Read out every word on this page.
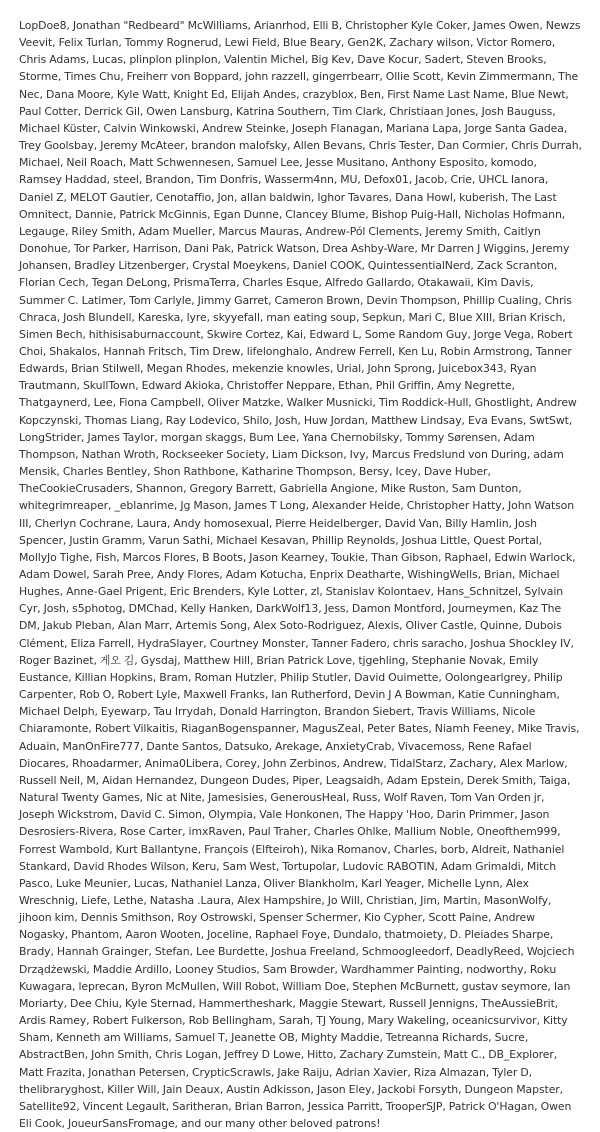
LopDoe8, Jonathan "Redbeard" McWilliams, Arianrhod, Elli B, Christopher Kyle Coker, James Owen, Newzs Veevit, Felix Turlan, Tommy Rognerud, Lewi Field, Blue Beary, Gen2K, Zachary wilson, Victor Romero, Chris Adams, Lucas, plinplon plinplon, Valentin Michel, Big Kev, Dave Kocur, Sadert, Steven Brooks, Storme, Times Chu, Freiherr von Boppard, john razzell, gingerrbearr, Ollie Scott, Kevin Zimmermann, The Nec, Dana Moore, Kyle Watt, Knight Ed, Elijah Andes, crazyblox, Ben, First Name Last Name, Blue Newt, Paul Cotter, Derrick Gil, Owen Lansburg, Katrina Southern, Tim Clark, Christiaan Jones, Josh Bauguss, Michael Küster, Calvin Winkowski, Andrew Steinke, Joseph Flanagan, Mariana Lapa, Jorge Santa Gadea, Trey Goolsbay, Jeremy McAteer, brandon malofsky, Allen Bevans, Chris Tester, Dan Cormier, Chris Durrah, Michael, Neil Roach, Matt Schwennesen, Samuel Lee, Jesse Musitano, Anthony Esposito, komodo, Ramsey Haddad, steel, Brandon, Tim Donfris, Wasserm4nn, MU, Defox01, Jacob, Crie, UHCL Ianora, Daniel Z, MELOT Gautier, Cenotaffio, Jon, allan baldwin, Ighor Tavares, Dana Howl, kuberish, The Last Omnitect, Dannie, Patrick McGinnis, Egan Dunne, Clancey Blume, Bishop Puig-Hall, Nicholas Hofmann, Legauge, Riley Smith, Adam Mueller, Marcus Mauras, Andrew-Pól Clements, Jeremy Smith, Caitlyn Donohue, Tor Parker, Harrison, Dani Pak, Patrick Watson, Drea Ashby-Ware, Mr Darren J Wiggins, Jeremy Johansen, Bradley Litzenberger, Crystal Moeykens, Daniel COOK, QuintessentialNerd, Zack Scranton, Florian Cech, Tegan DeLong, PrismaTerra, Charles Esque, Alfredo Gallardo, Otakawaii, Kim Davis, Summer C. Latimer, Tom Carlyle, Jimmy Garret, Cameron Brown, Devin Thompson, Phillip Cualing, Chris Chraca, Josh Blundell, Kareska, lyre, skyyefall, man eating soup, Sepkun, Mari C, Blue XIII, Brian Krisch, Simen Bech, hithisisaburnaccount, Skwire Cortez, Kai, Edward L, Some Random Guy, Jorge Vega, Robert Choi, Shakalos, Hannah Fritsch, Tim Drew, lifelonghalo, Andrew Ferrell, Ken Lu, Robin Armstrong, Tanner Edwards, Brian Stilwell, Megan Rhodes, mekenzie knowles, Urial, John Sprong, Juicebox343, Ryan Trautmann, SkullTown, Edward Akioka, Christoffer Neppare, Ethan, Phil Griffin, Amy Negrette, Thatgaynerd, Lee, Fiona Campbell, Oliver Matzke, Walker Musnicki, Tim Roddick-Hull, Ghostlight, Andrew Kopczynski, Thomas Liang, Ray Lodevico, Shilo, Josh, Huw Jordan, Matthew Lindsay, Eva Evans, SwtSwt, LongStrider, James Taylor, morgan skaggs, Bum Lee, Yana Chernobilsky, Tommy Sørensen, Adam Thompson, Nathan Wroth, Rockseeker Society, Liam Dickson, Ivy, Marcus Fredslund von During, adam Mensik, Charles Bentley, Shon Rathbone, Katharine Thompson, Bersy, Icey, Dave Huber, TheCookieCrusaders, Shannon, Gregory Barrett, Gabriella Angione, Mike Ruston, Sam Dunton, whitegrimreaper, _eblanrime, Jg Mason, James T Long, Alexander Heide, Christopher Hatty, John Watson III, Cherlyn Cochrane, Laura, Andy homosexual, Pierre Heidelberger, David Van, Billy Hamlin, Josh Spencer, Justin Gramm, Varun Sathi, Michael Kesavan, Phillip Reynolds, Joshua Little, Quest Portal, MollyJo Tighe, Fish, Marcos Flores, B Boots, Jason Kearney, Toukie, Than Gibson, Raphael, Edwin Warlock, Adam Dowel, Sarah Pree, Andy Flores, Adam Kotucha, Enprix Deatharte, WishingWells, Brian, Michael Hughes, Anne-Gael Prigent, Eric Brenders, Kyle Lotter, zl, Stanislav Kolontaev, Hans_Schnitzel, Sylvain Cyr, Josh, s5photog, DMChad, Kelly Hanken, DarkWolf13, Jess, Damon Montford, Journeymen, Kaz The DM, Jakub Pleban, Alan Marr, Artemis Song, Alex Soto-Rodriguez, Alexis, Oliver Castle, Quinne, Dubois Clément, Eliza Farrell, HydraSlayer, Courtney Monster, Tanner Fadero, chris saracho, Joshua Shockley IV, Roger Bazinet, 게오 김, Gysdaj, Matthew Hill, Brian Patrick Love, tjgehling, Stephanie Novak, Emily Eustance, Killian Hopkins, Bram, Roman Hutzler, Philip Stutler, David Ouimette, Oolongearlgrey, Philip Carpenter, Rob O, Robert Lyle, Maxwell Franks, Ian Rutherford, Devin J A Bowman, Katie Cunningham, Michael Delph, Eyewarp, Tau Irrydah, Donald Harrington, Brandon Siebert, Travis Williams, Nicole Chiaramonte, Robert Vilkaitis, RiaganBogenspanner, MagusZeal, Peter Bates, Niamh Feeney, Mike Travis, Aduain, ManOnFire777, Dante Santos, Datsuko, Arekage, AnxietyCrab, Vivacemoss, Rene Rafael Diocares, Rhoadarmer, Anima0Libera, Corey, John Zerbinos, Andrew, TidalStarz, Zachary, Alex Marlow, Russell Neil, M, Aidan Hernandez, Dungeon Dudes, Piper, Leagsaidh, Adam Epstein, Derek Smith, Taiga, Natural Twenty Games, Nic at Nite, Jamesisies, GenerousHeal, Russ, Wolf Raven, Tom Van Orden jr, Joseph Wickstrom, David C. Simon, Olympia, Vale Honkonen, The Happy 'Hoo, Darin Primmer, Jason Desrosiers-Rivera, Rose Carter, imxRaven, Paul Traher, Charles Ohlke, Mallium Noble, Oneofthem999, Forrest Wambold, Kurt Ballantyne, François (Elfteiroh), Nika Romanov, Charles, borb, Aldreit, Nathaniel Stankard, David Rhodes Wilson, Keru, Sam West, Tortupolar, Ludovic RABOTIN, Adam Grimaldi, Mitch Pasco, Luke Meunier, Lucas, Nathaniel Lanza, Oliver Blankholm, Karl Yeager, Michelle Lynn, Alex Wreschnig, Liefe, Lethe, Natasha .Laura, Alex Hampshire, Jo Will, Christian, Jim, Martin, MasonWolfy, jihoon kim, Dennis Smithson, Roy Ostrowski, Spenser Schermer, Kio Cypher, Scott Paine, Andrew Nogasky, Phantom, Aaron Wooten, Joceline, Raphael Foye, Dundalo, thatmoiety, D. Pleiades Sharpe, Brady, Hannah Grainger, Stefan, Lee Burdette, Joshua Freeland, Schmoogleedorf, DeadlyReed, Wojciech Drządżewski, Maddie Ardillo, Looney Studios, Sam Browder, Wardhammer Painting, nodworthy, Roku Kuwagara, leprecan, Byron McMullen, Will Robot, William Doe, Stephen McBurnett, gustav seymore, Ian Moriarty, Dee Chiu, Kyle Sternad, Hammertheshark, Maggie Stewart, Russell Jennigns, TheAussieBrit, Ardis Ramey, Robert Fulkerson, Rob Bellingham, Sarah, TJ Young, Mary Wakeling, oceanicsurvivor, Kitty Sham, Kenneth am Williams, Samuel T, Jeanette OB, Mighty Maddie, Tetreanna Richards, Sucre, AbstractBen, John Smith, Chris Logan, Jeffrey D Lowe, Hitto, Zachary Zumstein, Matt C., DB_Explorer, Matt Frazita, Jonathan Petersen, CrypticScrawls, Jake Raiju, Adrian Xavier, Riza Almazan, Tyler D, thelibraryghost, Killer Will, Jain Deaux, Austin Adkisson, Jason Eley, Jackobi Forsyth, Dungeon Mapster, Satellite92, Vincent Legault, Saritheran, Brian Barron, Jessica Parritt, TrooperSJP, Patrick O'Hagan, Owen Eli Cook, JoueurSansFromage, and our many other beloved patrons!
